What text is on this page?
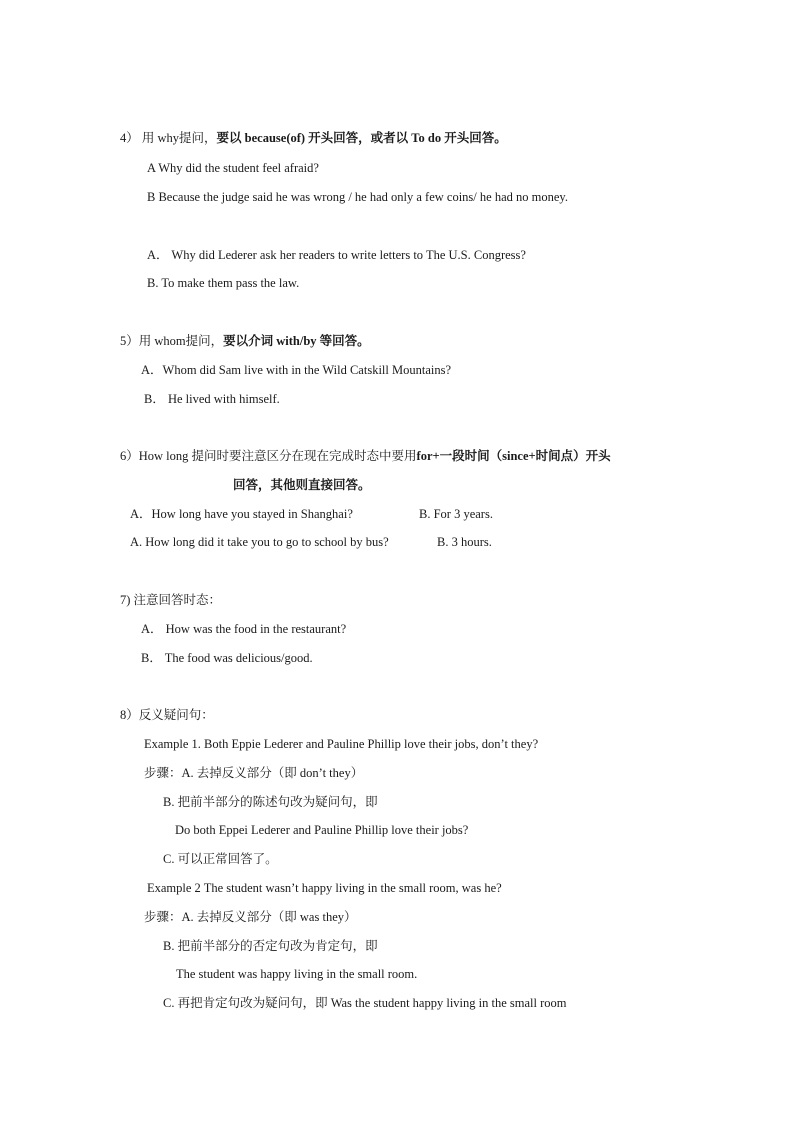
4） 用 why提问，要以 because(of) 开头回答，或者以 To do 开头回答。
A Why did the student feel afraid?
B Because the judge said he was wrong / he had only a few coins/ he had no money.
A． Why did Lederer ask her readers to write letters to The U.S. Congress?
B. To make them pass the law.
5）用 whom提问，要以介词 with/by 等回答。
A．Whom did Sam live with in the Wild Catskill Mountains?
B． He lived with himself.
6）How long 提问时要注意区分在现在完成时态中要用for+一段时间（since+时间点）开头
回答，其他则直接回答。
A．How long have you stayed in Shanghai?	B. For 3 years.
A. How long did it take you to go to school by bus?	B. 3 hours.
7) 注意回答时态：
A． How was the food in the restaurant?
B． The food was delicious/good.
8）反义疑问句：
Example 1. Both Eppie Lederer and Pauline Phillip love their jobs, don’t they?
步骤：A. 去掉反义部分（即 don’t they）
B. 把前半部分的陈述句改为疑问句，即
Do both Eppei Lederer and Pauline Phillip love their jobs?
C. 可以正常回答了。
Example 2 The student wasn’t happy living in the small room, was he?
步骤：A. 去掉反义部分（即 was they）
B. 把前半部分的否定句改为肯定句，即
The student was happy living in the small room.
C. 再把肯定句改为疑问句，即 Was the student happy living in the small room
